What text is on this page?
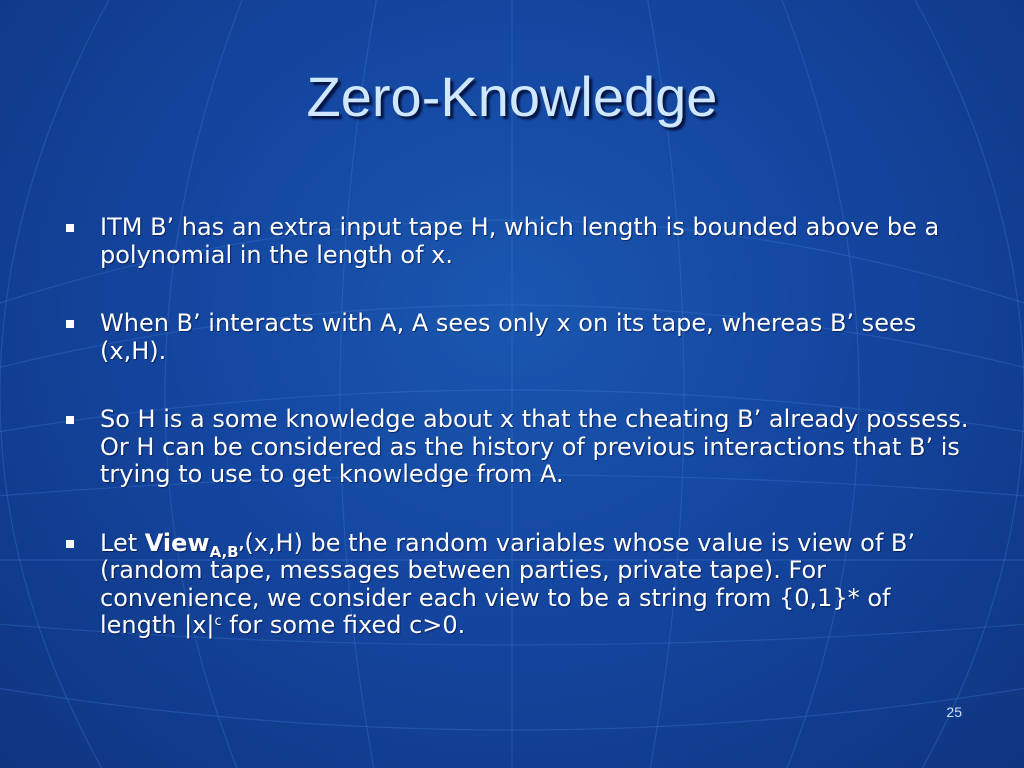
Zero-Knowledge
ITM B’ has an extra input tape H, which length is bounded above be a polynomial in the length of x.
When B’ interacts with A, A sees only x on its tape, whereas B’ sees (x,H).
So H is a some knowledge about x that the cheating B’ already possess. Or H can be considered as the history of previous interactions that B’ is trying to use to get knowledge from A.
Let View$_{A,B’}$(x,H) be the random variables whose value is view of B’ (random tape, messages between parties, private tape). For convenience, we consider each view to be a string from {0,1}* of length $|x|^c$ for some fixed c>0.
25
